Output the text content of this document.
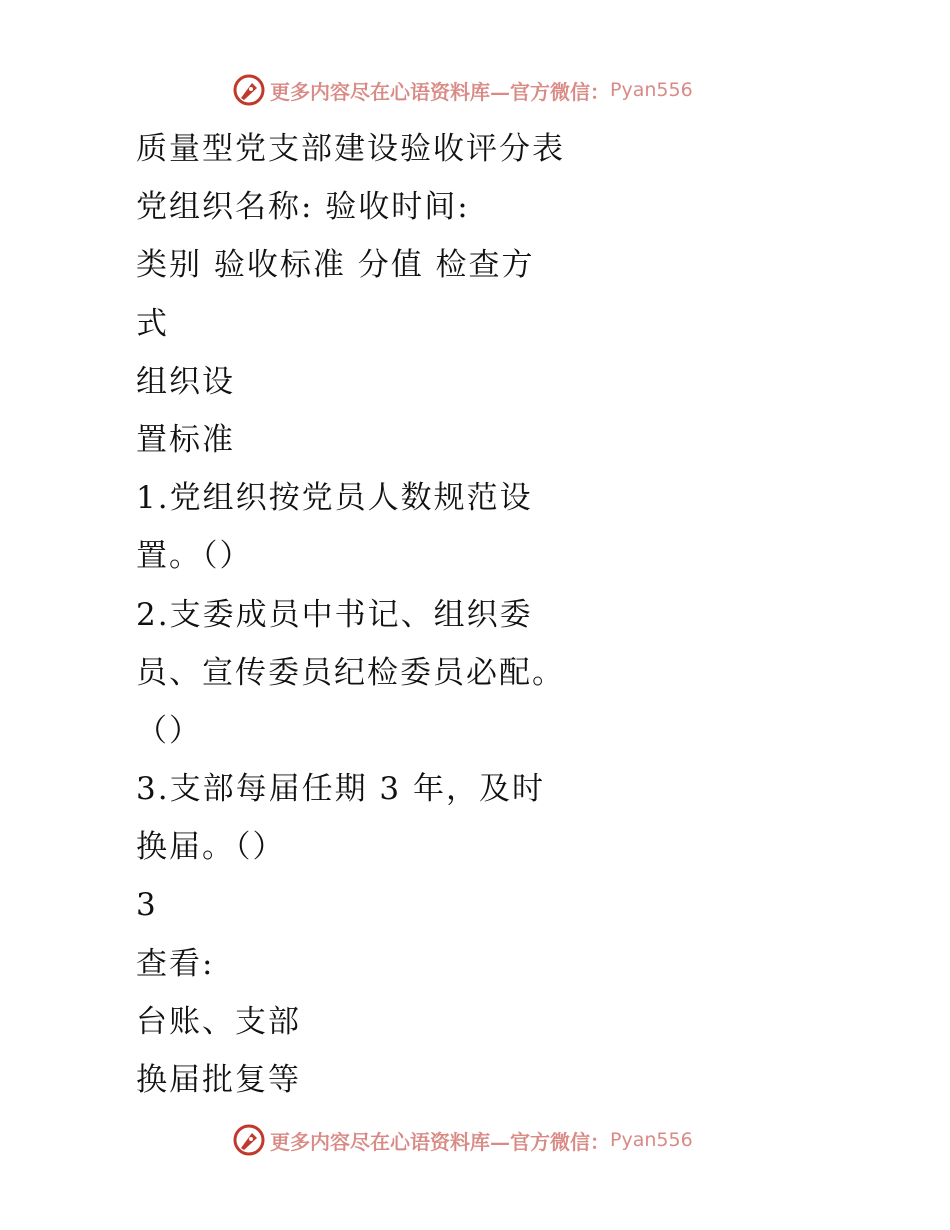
更多内容尽在心语资料库—官方微信： Pyan556
质量型党支部建设验收评分表
党组织名称: 验收时间:
类别 验收标准 分值 检查方
式
组织设
置标准
1.党组织按党员人数规范设
置。（）
2.支委成员中书记、组织委
员、宣传委员纪检委员必配。
（）
3.支部每届任期 3 年，及时
换届。（）
3
查看:
台账、支部
换届批复等
更多内容尽在心语资料库—官方微信： Pyan556
